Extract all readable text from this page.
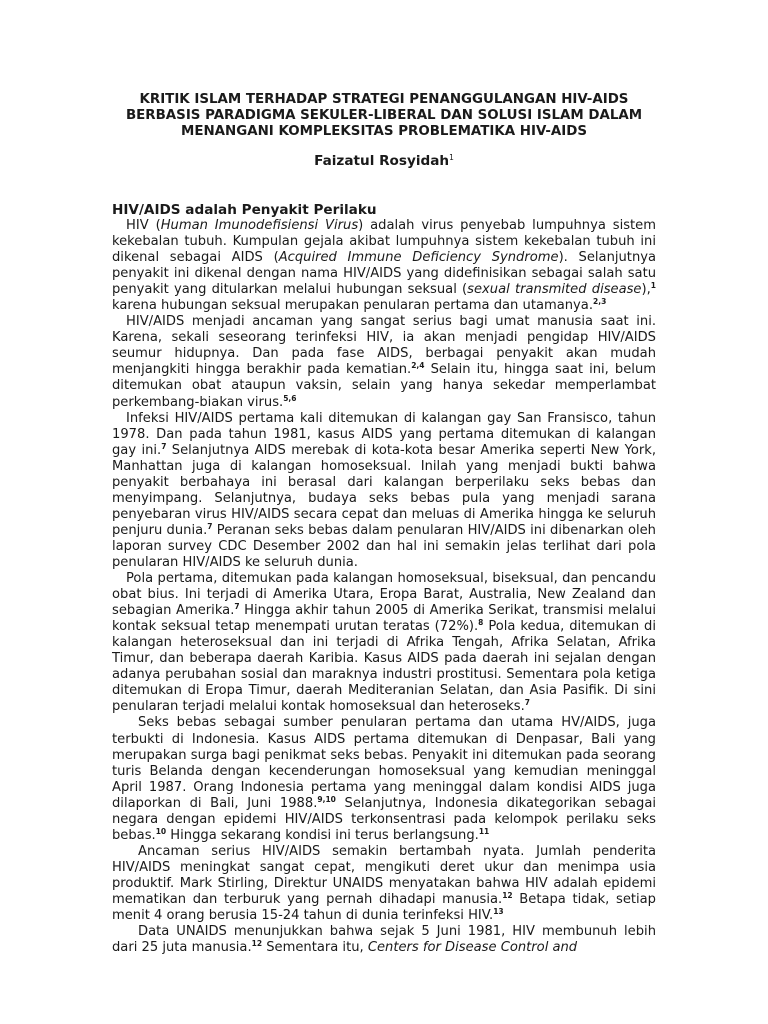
KRITIK ISLAM TERHADAP STRATEGI PENANGGULANGAN HIV-AIDS
BERBASIS PARADIGMA SEKULER-LIBERAL DAN SOLUSI ISLAM DALAM
MENANGANI KOMPLEKSITAS PROBLEMATIKA HIV-AIDS
Faizatul Rosyidah$^1$
HIV/AIDS adalah Penyakit Perilaku

HIV (Human Imunodefisiensi Virus) adalah virus penyebab lumpuhnya sistem kekebalan tubuh. Kumpulan gejala akibat lumpuhnya sistem kekebalan tubuh ini dikenal sebagai AIDS (Acquired Immune Deficiency Syndrome). Selanjutnya penyakit ini dikenal dengan nama HIV/AIDS yang didefinisikan sebagai salah satu penyakit yang ditularkan melalui hubungan seksual (sexual transmited disease),$^1$ karena hubungan seksual merupakan penularan pertama dan utamanya.$^{2,3}$

HIV/AIDS menjadi ancaman yang sangat serius bagi umat manusia saat ini. Karena, sekali seseorang terinfeksi HIV, ia akan menjadi pengidap HIV/AIDS seumur hidupnya. Dan pada fase AIDS, berbagai penyakit akan mudah menjangkiti hingga berakhir pada kematian.$^{2,4}$ Selain itu, hingga saat ini, belum ditemukan obat ataupun vaksin, selain yang hanya sekedar memperlambat perkembang-biakan virus.$^{5,6}$

Infeksi HIV/AIDS pertama kali ditemukan di kalangan gay San Fransisco, tahun 1978. Dan pada tahun 1981, kasus AIDS yang pertama ditemukan di kalangan gay ini.$^7$ Selanjutnya AIDS merebak di kota-kota besar Amerika seperti New York, Manhattan juga di kalangan homoseksual. Inilah yang menjadi bukti bahwa penyakit berbahaya ini berasal dari kalangan berperilaku seks bebas dan menyimpang. Selanjutnya, budaya seks bebas pula yang menjadi sarana penyebaran virus HIV/AIDS secara cepat dan meluas di Amerika hingga ke seluruh penjuru dunia.$^7$ Peranan seks bebas dalam penularan HIV/AIDS ini dibenarkan oleh laporan survey CDC Desember 2002 dan hal ini semakin jelas terlihat dari pola penularan HIV/AIDS ke seluruh dunia.

Pola pertama, ditemukan pada kalangan homoseksual, biseksual, dan pencandu obat bius. Ini terjadi di Amerika Utara, Eropa Barat, Australia, New Zealand dan sebagian Amerika.$^7$ Hingga akhir tahun 2005 di Amerika Serikat, transmisi melalui kontak seksual tetap menempati urutan teratas (72%).$^8$ Pola kedua, ditemukan di kalangan heteroseksual dan ini terjadi di Afrika Tengah, Afrika Selatan, Afrika Timur, dan beberapa daerah Karibia. Kasus AIDS pada daerah ini sejalan dengan adanya perubahan sosial dan maraknya industri prostitusi. Sementara pola ketiga ditemukan di Eropa Timur, daerah Mediteranian Selatan, dan Asia Pasifik. Di sini penularan terjadi melalui kontak homoseksual dan heteroseks.$^7$

Seks bebas sebagai sumber penularan pertama dan utama HV/AIDS, juga terbukti di Indonesia. Kasus AIDS pertama ditemukan di Denpasar, Bali yang merupakan surga bagi penikmat seks bebas. Penyakit ini ditemukan pada seorang turis Belanda dengan kecenderungan homoseksual yang kemudian meninggal April 1987. Orang Indonesia pertama yang meninggal dalam kondisi AIDS juga dilaporkan di Bali, Juni 1988.$^{9,10}$ Selanjutnya, Indonesia dikategorikan sebagai negara dengan epidemi HIV/AIDS terkonsentrasi pada kelompok perilaku seks bebas.$^{10}$ Hingga sekarang kondisi ini terus berlangsung.$^{11}$

Ancaman serius HIV/AIDS semakin bertambah nyata. Jumlah penderita HIV/AIDS meningkat sangat cepat, mengikuti deret ukur dan menimpa usia produktif. Mark Stirling, Direktur UNAIDS menyatakan bahwa HIV adalah epidemi mematikan dan terburuk yang pernah dihadapi manusia.$^{12}$ Betapa tidak, setiap menit 4 orang berusia 15-24 tahun di dunia terinfeksi HIV.$^{13}$

Data UNAIDS menunjukkan bahwa sejak 5 Juni 1981, HIV membunuh lebih dari 25 juta manusia.$^{12}$ Sementara itu, Centers for Disease Control and
